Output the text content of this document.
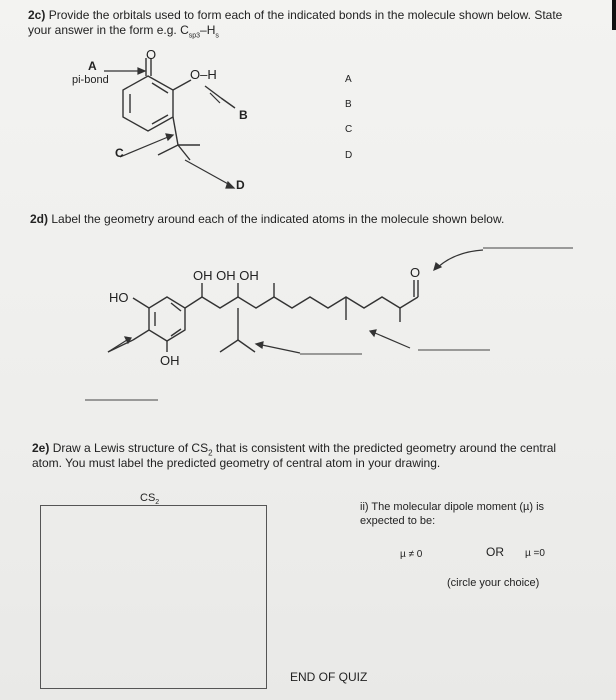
2c) Provide the orbitals used to form each of the indicated bonds in the molecule shown below. State
your answer in the form e.g. $C_{sp3}-H_s$
A
pi-bond
O
O–H
B
C
D
A
B
C
D
2d) Label the geometry around each of the indicated atoms in the molecule shown below.
OH OH OH
HO
OH
O
2e) Draw a Lewis structure of $CS_2$ that is consistent with the predicted geometry around the central
atom. You must label the predicted geometry of central atom in your drawing.
$CS_2$	ii) The molecular dipole moment (µ) is
expected to be:
µ ≠ 0	OR µ =0
(circle your choice)
END OF QUIZ
